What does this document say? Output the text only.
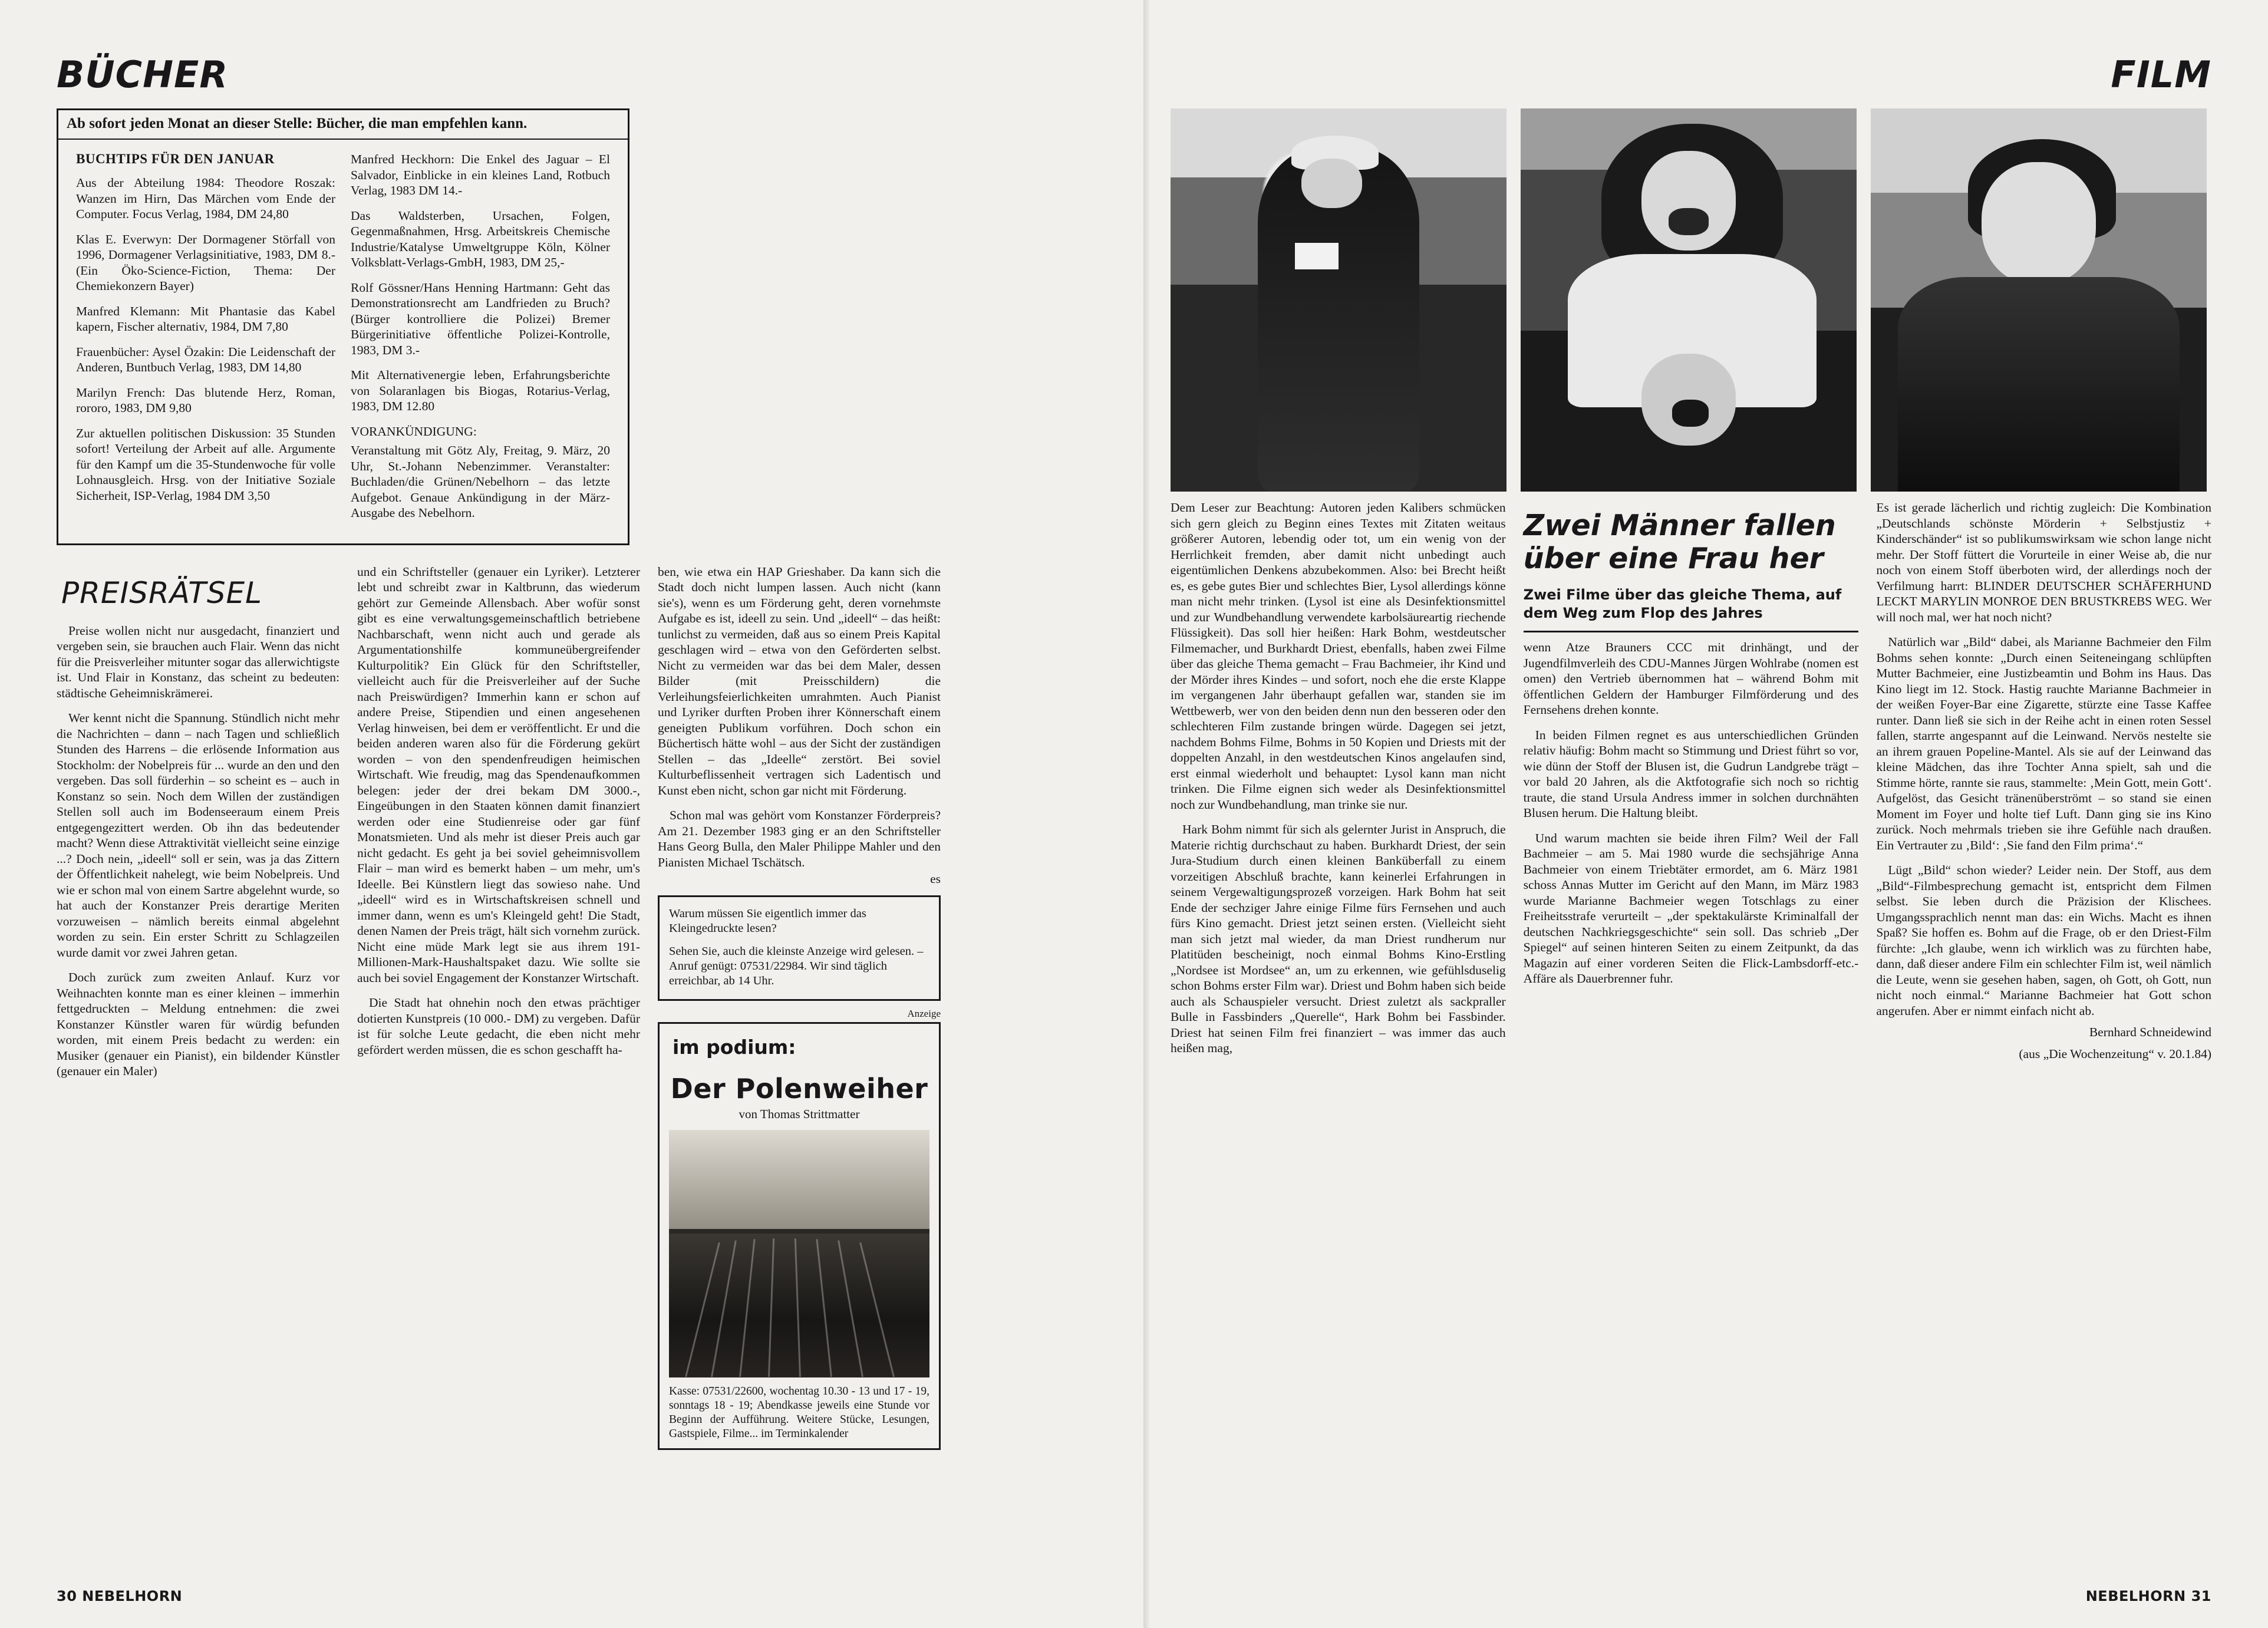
BÜCHER
Ab sofort jeden Monat an dieser Stelle: Bücher, die man empfehlen kann.
BUCHTIPS FÜR DEN JANUAR

Aus der Abteilung 1984: Theodore Roszak: Wanzen im Hirn, Das Märchen vom Ende der Computer. Focus Verlag, 1984, DM 24,80

Klas E. Everwyn: Der Dormagener Störfall von 1996, Dormagener Verlagsinitiative, 1983, DM 8.- (Ein Öko-Science-Fiction, Thema: Der Chemiekonzern Bayer)

Manfred Klemann: Mit Phantasie das Kabel kapern, Fischer alternativ, 1984, DM 7,80

Frauenbücher: Aysel Özakin: Die Leidenschaft der Anderen, Buntbuch Verlag, 1983, DM 14,80

Marilyn French: Das blutende Herz, Roman, rororo, 1983, DM 9,80

Zur aktuellen politischen Diskussion: 35 Stunden sofort! Verteilung der Arbeit auf alle. Argumente für den Kampf um die 35-Stundenwoche für volle Lohnausgleich. Hrsg. von der Initiative Soziale Sicherheit, ISP-Verlag, 1984 DM 3,50

Manfred Heckhorn: Die Enkel des Jaguar – El Salvador, Einblicke in ein kleines Land, Rotbuch Verlag, 1983 DM 14.-

Das Waldsterben, Ursachen, Folgen, Gegenmaßnahmen, Hrsg. Arbeitskreis Chemische Industrie/Katalyse Umweltgruppe Köln, Kölner Volksblatt-Verlags-GmbH, 1983, DM 25,-

Rolf Gössner/Hans Henning Hartmann: Geht das Demonstrationsrecht am Landfrieden zu Bruch? (Bürger kontrolliere die Polizei) Bremer Bürgerinitiative öffentliche Polizei-Kontrolle, 1983, DM 3.-

Mit Alternativenergie leben, Erfahrungsberichte von Solaranlagen bis Biogas, Rotarius-Verlag, 1983, DM 12.80

VORANKÜNDIGUNG:

Veranstaltung mit Götz Aly, Freitag, 9. März, 20 Uhr, St.-Johann Nebenzimmer. Veranstalter: Buchladen/die Grünen/Nebelhorn – das letzte Aufgebot. Genaue Ankündigung in der März-Ausgabe des Nebelhorn.

PREISRÄTSEL

Preise wollen nicht nur ausgedacht, finanziert und vergeben sein, sie brauchen auch Flair. Wenn das nicht für die Preisverleiher mitunter sogar das allerwichtigste ist. Und Flair in Konstanz, das scheint zu bedeuten: städtische Geheimniskrämerei.

Wer kennt nicht die Spannung. Stündlich nicht mehr die Nachrichten – dann – nach Tagen und schließlich Stunden des Harrens – die erlösende Information aus Stockholm: der Nobelpreis für ... wurde an den und den vergeben. Das soll fürderhin – so scheint es – auch in Konstanz so sein. Noch dem Willen der zuständigen Stellen soll auch im Bodenseeraum einem Preis entgegengezittert werden. Ob ihn das bedeutender macht? Wenn diese Attraktivität vielleicht seine einzige ...? Doch nein, „ideell“ soll er sein, was ja das Zittern der Öffentlichkeit nahelegt, wie beim Nobelpreis. Und wie er schon mal von einem Sartre abgelehnt wurde, so hat auch der Konstanzer Preis derartige Meriten vorzuweisen – nämlich bereits einmal abgelehnt worden zu sein. Ein erster Schritt zu Schlagzeilen wurde damit vor zwei Jahren getan.

Doch zurück zum zweiten Anlauf. Kurz vor Weihnachten konnte man es einer kleinen – immerhin fettgedruckten – Meldung entnehmen: die zwei Konstanzer Künstler waren für würdig befunden worden, mit einem Preis bedacht zu werden: ein Musiker (genauer ein Pianist), ein bildender Künstler (genauer ein Maler)

und ein Schriftsteller (genauer ein Lyriker). Letzterer lebt und schreibt zwar in Kaltbrunn, das wiederum gehört zur Gemeinde Allensbach. Aber wofür sonst gibt es eine verwaltungsgemeinschaftlich betriebene Nachbarschaft, wenn nicht auch und gerade als Argumentationshilfe kommuneübergreifender Kulturpolitik? Ein Glück für den Schriftsteller, vielleicht auch für die Preisverleiher auf der Suche nach Preiswürdigen? Immerhin kann er schon auf andere Preise, Stipendien und einen angesehenen Verlag hinweisen, bei dem er veröffentlicht. Er und die beiden anderen waren also für die Förderung gekürt worden – von den spendenfreudigen heimischen Wirtschaft. Wie freudig, mag das Spendenaufkommen belegen: jeder der drei bekam DM 3000.-, Eingeübungen in den Staaten können damit finanziert werden oder eine Studienreise oder gar fünf Monatsmieten. Und als mehr ist dieser Preis auch gar nicht gedacht. Es geht ja bei soviel geheimnisvollem Flair – man wird es bemerkt haben – um mehr, um's Ideelle. Bei Künstlern liegt das sowieso nahe. Und „ideell“ wird es in Wirtschaftskreisen schnell und immer dann, wenn es um's Kleingeld geht! Die Stadt, denen Namen der Preis trägt, hält sich vornehm zurück. Nicht eine müde Mark legt sie aus ihrem 191-Millionen-Mark-Haushaltspaket dazu. Wie sollte sie auch bei soviel Engagement der Konstanzer Wirtschaft.

Die Stadt hat ohnehin noch den etwas prächtiger dotierten Kunstpreis (10 000.- DM) zu vergeben. Dafür ist für solche Leute gedacht, die eben nicht mehr gefördert werden müssen, die es schon geschafft ha-

ben, wie etwa ein HAP Grieshaber. Da kann sich die Stadt doch nicht lumpen lassen. Auch nicht (kann sie's), wenn es um Förderung geht, deren vornehmste Aufgabe es ist, ideell zu sein. Und „ideell“ – das heißt: tunlichst zu vermeiden, daß aus so einem Preis Kapital geschlagen wird – etwa von den Geförderten selbst. Nicht zu vermeiden war das bei dem Maler, dessen Bilder (mit Preisschildern) die Verleihungsfeierlichkeiten umrahmten. Auch Pianist und Lyriker durften Proben ihrer Könnerschaft einem geneigten Publikum vorführen. Doch schon ein Büchertisch hätte wohl – aus der Sicht der zuständigen Stellen – das „Ideelle“ zerstört. Bei soviel Kulturbeflissenheit vertragen sich Ladentisch und Kunst eben nicht, schon gar nicht mit Förderung.

Schon mal was gehört vom Konstanzer Förderpreis? Am 21. Dezember 1983 ging er an den Schriftsteller Hans Georg Bulla, den Maler Philippe Mahler und den Pianisten Michael Tschätsch.

es

Warum müssen Sie eigentlich immer das Kleingedruckte lesen?

Sehen Sie, auch die kleinste Anzeige wird gelesen. – Anruf genügt: 07531/22984. Wir sind täglich erreichbar, ab 14 Uhr.

Anzeige
im podium:
Der Polenweiher
von Thomas Strittmatter
Kasse: 07531/22600, wochentag 10.30 - 13 und 17 - 19, sonntags 18 - 19; Abendkasse jeweils eine Stunde vor Beginn der Aufführung. Weitere Stücke, Lesungen, Gastspiele, Filme... im Terminkalender
30 NEBELHORN
FILM

Dem Leser zur Beachtung: Autoren jeden Kalibers schmücken sich gern gleich zu Beginn eines Textes mit Zitaten weitaus größerer Autoren, lebendig oder tot, um ein wenig von der Herrlichkeit fremden, aber damit nicht unbedingt auch eigentümlichen Denkens abzubekommen. Also: bei Brecht heißt es, es gebe gutes Bier und schlechtes Bier, Lysol allerdings könne man nicht mehr trinken. (Lysol ist eine als Desinfektionsmittel und zur Wundbehandlung verwendete karbolsäureartig riechende Flüssigkeit). Das soll hier heißen: Hark Bohm, westdeutscher Filmemacher, und Burkhardt Driest, ebenfalls, haben zwei Filme über das gleiche Thema gemacht – Frau Bachmeier, ihr Kind und der Mörder ihres Kindes – und sofort, noch ehe die erste Klappe im vergangenen Jahr überhaupt gefallen war, standen sie im Wettbewerb, wer von den beiden denn nun den besseren oder den schlechteren Film zustande bringen würde. Dagegen sei jetzt, nachdem Bohms Filme, Bohms in 50 Kopien und Driests mit der doppelten Anzahl, in den westdeutschen Kinos angelaufen sind, erst einmal wiederholt und behauptet: Lysol kann man nicht trinken. Die Filme eignen sich weder als Desinfektionsmittel noch zur Wundbehandlung, man trinke sie nur.

Hark Bohm nimmt für sich als gelernter Jurist in Anspruch, die Materie richtig durchschaut zu haben. Burkhardt Driest, der sein Jura-Studium durch einen kleinen Banküberfall zu einem vorzeitigen Abschluß brachte, kann keinerlei Erfahrungen in seinem Vergewaltigungsprozeß vorzeigen. Hark Bohm hat seit Ende der sechziger Jahre einige Filme fürs Fernsehen und auch fürs Kino gemacht. Driest jetzt seinen ersten. (Vielleicht sieht man sich jetzt mal wieder, da man Driest rundherum nur Platitüden bescheinigt, noch einmal Bohms Kino-Erstling „Nordsee ist Mordsee“ an, um zu erkennen, wie gefühlsduselig schon Bohms erster Film war). Driest und Bohm haben sich beide auch als Schauspieler versucht. Driest zuletzt als sackpraller Bulle in Fassbinders „Querelle“, Hark Bohm bei Fassbinder. Driest hat seinen Film frei finanziert – was immer das auch heißen mag,

Zwei Männer fallen über eine Frau her
Zwei Filme über das gleiche Thema, auf dem Weg zum Flop des Jahres

wenn Atze Brauners CCC mit drinhängt, und der Jugendfilmverleih des CDU-Mannes Jürgen Wohlrabe (nomen est omen) den Vertrieb übernommen hat – während Bohm mit öffentlichen Geldern der Hamburger Filmförderung und des Fernsehens drehen konnte.

In beiden Filmen regnet es aus unterschiedlichen Gründen relativ häufig: Bohm macht so Stimmung und Driest führt so vor, wie dünn der Stoff der Blusen ist, die Gudrun Landgrebe trägt – vor bald 20 Jahren, als die Aktfotografie sich noch so richtig traute, die stand Ursula Andress immer in solchen durchnähten Blusen herum. Die Haltung bleibt.

Und warum machten sie beide ihren Film? Weil der Fall Bachmeier – am 5. Mai 1980 wurde die sechsjährige Anna Bachmeier von einem Triebtäter ermordet, am 6. März 1981 schoss Annas Mutter im Gericht auf den Mann, im März 1983 wurde Marianne Bachmeier wegen Totschlags zu einer Freiheitsstrafe verurteilt – „der spektakulärste Kriminalfall der deutschen Nachkriegsgeschichte“ sein soll. Das schrieb „Der Spiegel“ auf seinen hinteren Seiten zu einem Zeitpunkt, da das Magazin auf einer vorderen Seiten die Flick-Lambsdorff-etc.-Affäre als Dauerbrenner fuhr.

Es ist gerade lächerlich und richtig zugleich: Die Kombination „Deutschlands schönste Mörderin + Selbstjustiz + Kinderschänder“ ist so publikumswirksam wie schon lange nicht mehr. Der Stoff füttert die Vorurteile in einer Weise ab, die nur noch von einem Stoff überboten wird, der allerdings noch der Verfilmung harrt: BLINDER DEUTSCHER SCHÄFERHUND LECKT MARYLIN MONROE DEN BRUSTKREBS WEG. Wer will noch mal, wer hat noch nicht?

Natürlich war „Bild“ dabei, als Marianne Bachmeier den Film Bohms sehen konnte: „Durch einen Seiteneingang schlüpften Mutter Bachmeier, eine Justizbeamtin und Bohm ins Haus. Das Kino liegt im 12. Stock. Hastig rauchte Marianne Bachmeier in der weißen Foyer-Bar eine Zigarette, stürzte eine Tasse Kaffee runter. Dann ließ sie sich in der Reihe acht in einen roten Sessel fallen, starrte angespannt auf die Leinwand. Nervös nestelte sie an ihrem grauen Popeline-Mantel. Als sie auf der Leinwand das kleine Mädchen, das ihre Tochter Anna spielt, sah und die Stimme hörte, rannte sie raus, stammelte: ‚Mein Gott, mein Gott‘. Aufgelöst, das Gesicht tränenüberströmt – so stand sie einen Moment im Foyer und holte tief Luft. Dann ging sie ins Kino zurück. Noch mehrmals trieben sie ihre Gefühle nach draußen. Ein Vertrauter zu ‚Bild‘: ‚Sie fand den Film prima‘.“

Lügt „Bild“ schon wieder? Leider nein. Der Stoff, aus dem „Bild“-Filmbesprechung gemacht ist, entspricht dem Filmen selbst. Sie leben durch die Präzision der Klischees. Umgangssprachlich nennt man das: ein Wichs. Macht es ihnen Spaß? Sie hoffen es. Bohm auf die Frage, ob er den Driest-Film fürchte: „Ich glaube, wenn ich wirklich was zu fürchten habe, dann, daß dieser andere Film ein schlechter Film ist, weil nämlich die Leute, wenn sie gesehen haben, sagen, oh Gott, oh Gott, nun nicht noch einmal.“ Marianne Bachmeier hat Gott schon angerufen. Aber er nimmt einfach nicht ab.

Bernhard Schneidewind
(aus „Die Wochenzeitung“ v. 20.1.84)
NEBELHORN 31
